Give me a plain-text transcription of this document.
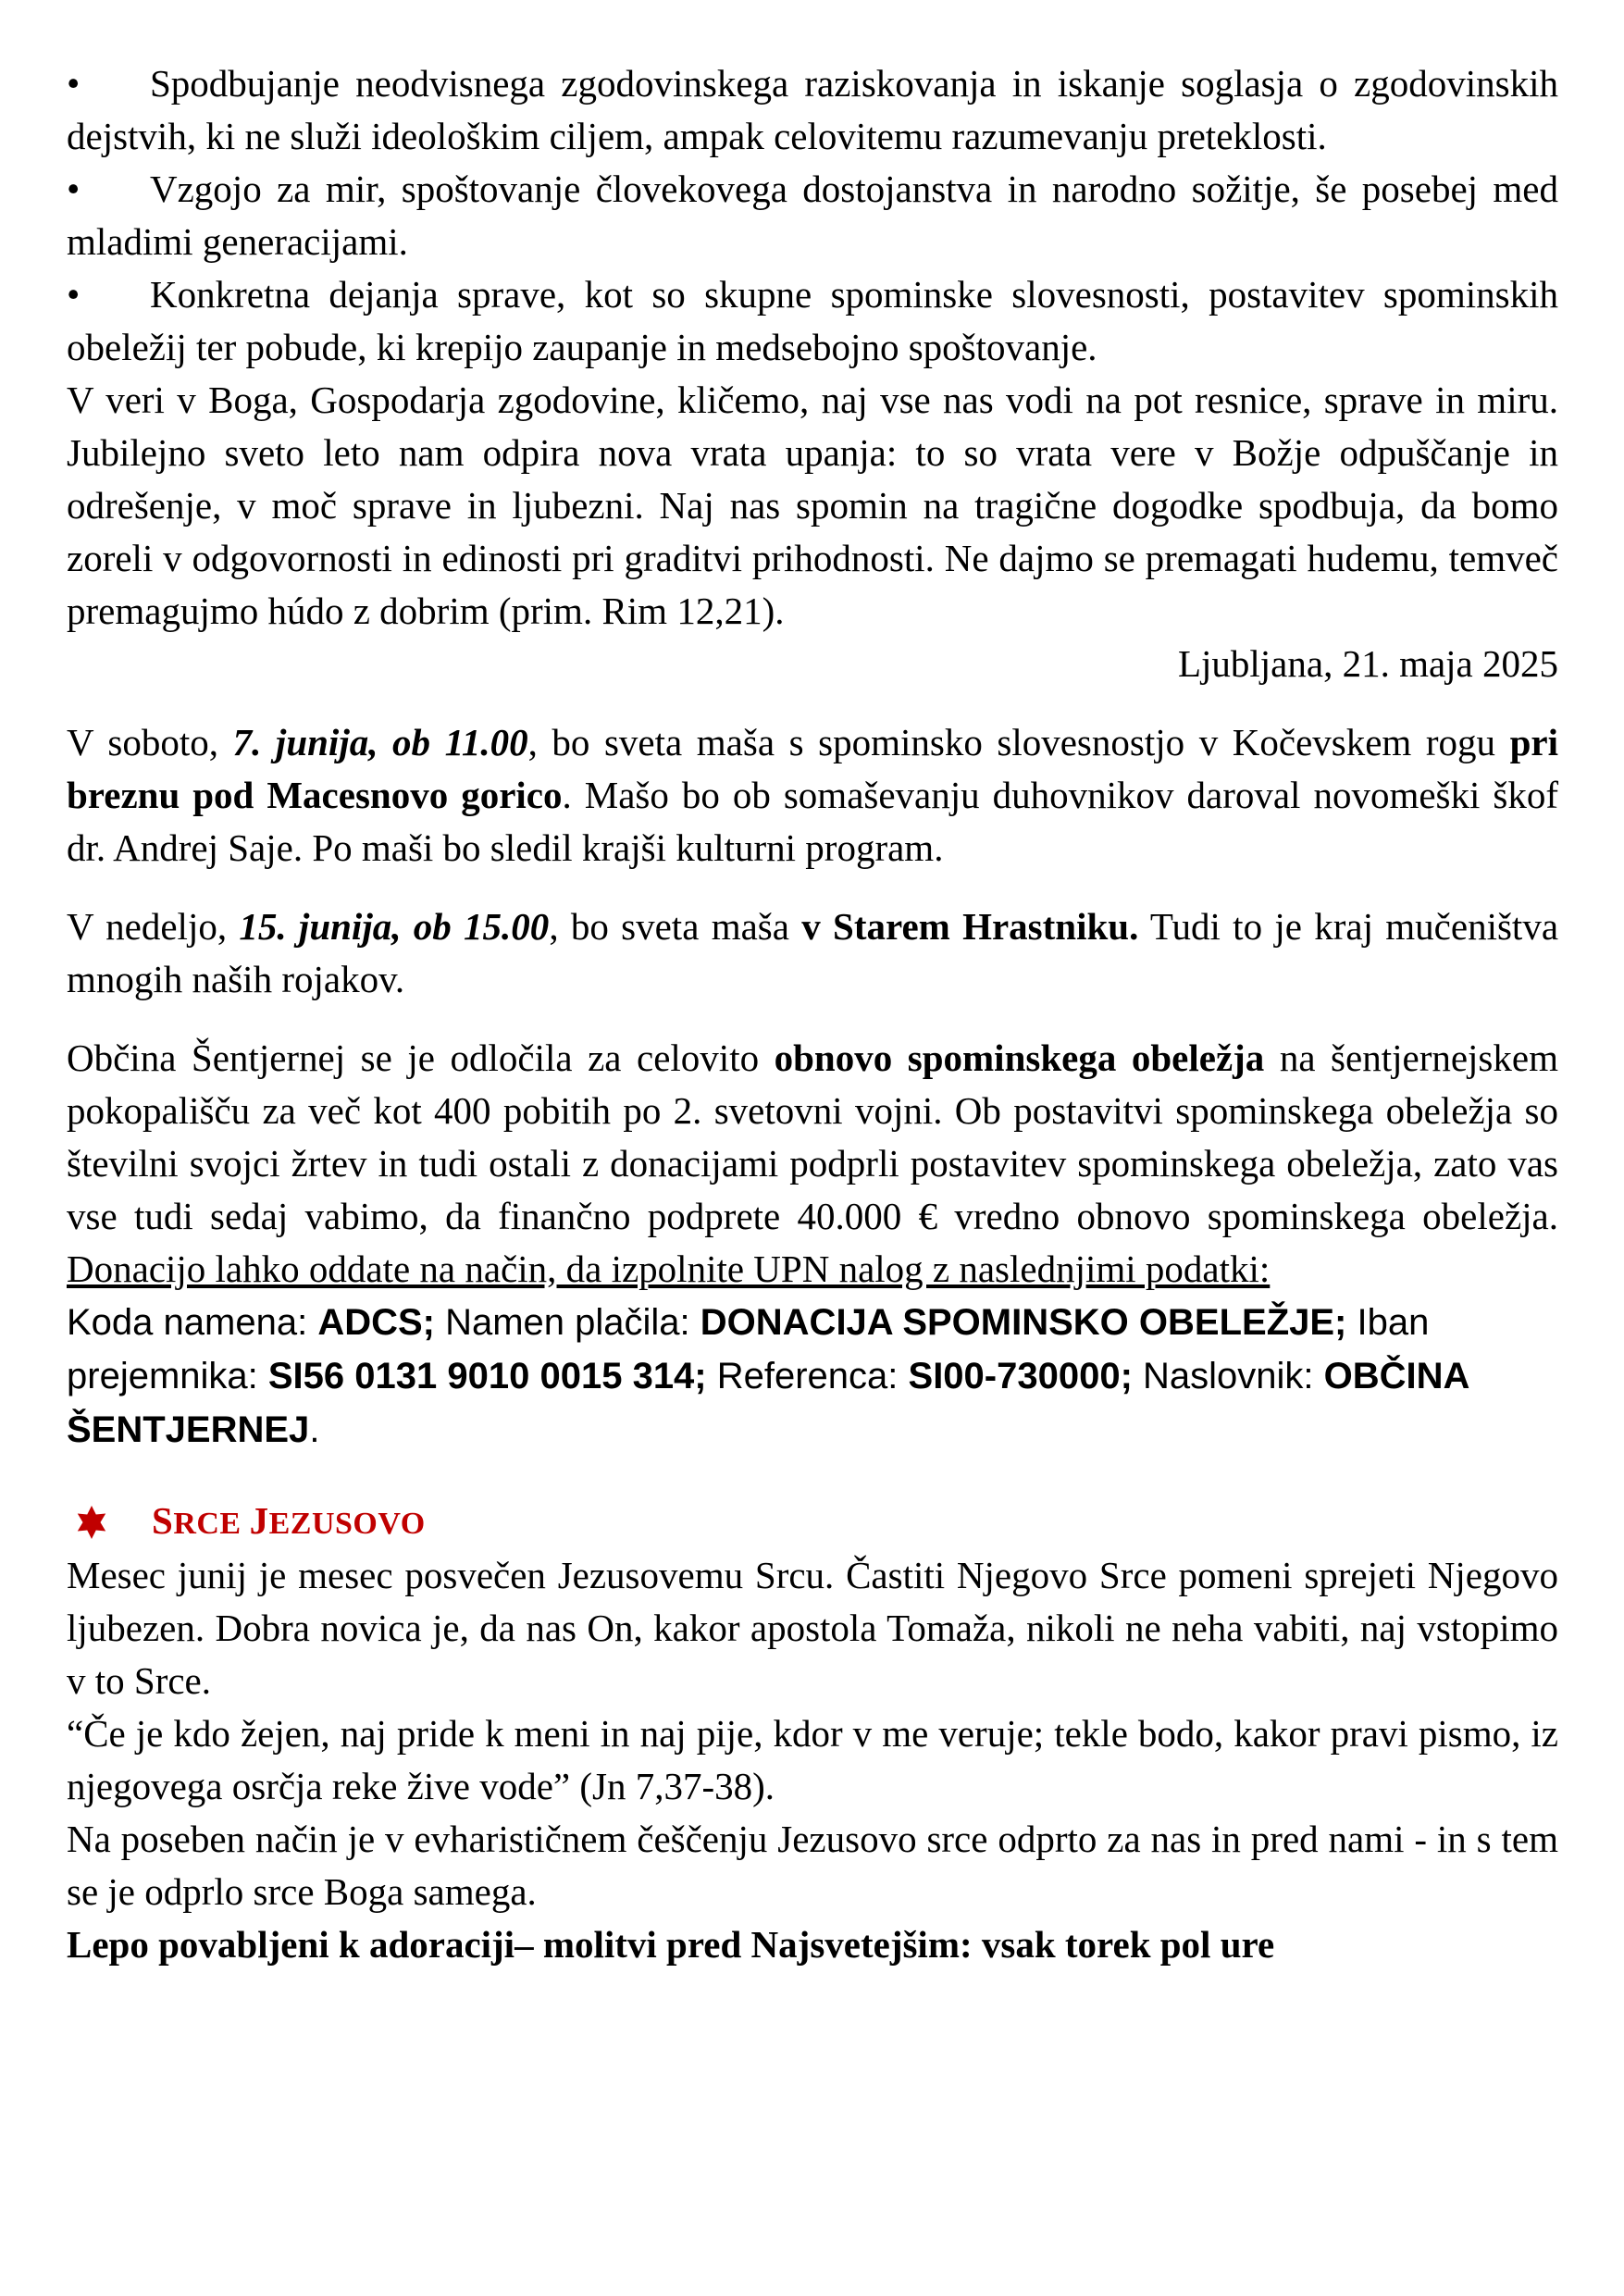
• Spodbujanje neodvisnega zgodovinskega raziskovanja in iskanje soglasja o zgodovinskih dejstvih, ki ne služi ideološkim ciljem, ampak celovitemu razumevanju preteklosti.

• Vzgojo za mir, spoštovanje človekovega dostojanstva in narodno sožitje, še posebej med mladimi generacijami.

• Konkretna dejanja sprave, kot so skupne spominske slovesnosti, postavitev spominskih obeležij ter pobude, ki krepijo zaupanje in medsebojno spoštovanje.

V veri v Boga, Gospodarja zgodovine, kličemo, naj vse nas vodi na pot resnice, sprave in miru. Jubilejno sveto leto nam odpira nova vrata upanja: to so vrata vere v Božje odpuščanje in odrešenje, v moč sprave in ljubezni. Naj nas spomin na tragične dogodke spodbuja, da bomo zoreli v odgovornosti in edinosti pri graditvi prihodnosti. Ne dajmo se premagati hudemu, temveč premagujmo húdo z dobrim (prim. Rim 12,21).

Ljubljana, 21. maja 2025

V soboto, 7. junija, ob 11.00, bo sveta maša s spominsko slovesnostjo v Kočevskem rogu pri breznu pod Macesnovo gorico. Mašo bo ob somaševanju duhovnikov daroval novomeški škof dr. Andrej Saje. Po maši bo sledil krajši kulturni program.

V nedeljo, 15. junija, ob 15.00, bo sveta maša v Starem Hrastniku. Tudi to je kraj mučeništva mnogih naših rojakov.

Občina Šentjernej se je odločila za celovito obnovo spominskega obeležja na šentjernejskem pokopališču za več kot 400 pobitih po 2. svetovni vojni. Ob postavitvi spominskega obeležja so številni svojci žrtev in tudi ostali z donacijami podprli postavitev spominskega obeležja, zato vas vse tudi sedaj vabimo, da finančno podprete 40.000 € vredno obnovo spominskega obeležja. Donacijo lahko oddate na način, da izpolnite UPN nalog z naslednjimi podatki:

Koda namena: ADCS; Namen plačila: DONACIJA SPOMINSKO OBELEŽJE; Iban prejemnika: SI56 0131 9010 0015 314; Referenca: SI00-730000; Naslovnik: OBČINA ŠENTJERNEJ.

SRCE JEZUSOVO

Mesec junij je mesec posvečen Jezusovemu Srcu. Častiti Njegovo Srce pomeni sprejeti Njegovo ljubezen. Dobra novica je, da nas On, kakor apostola Tomaža, nikoli ne neha vabiti, naj vstopimo v to Srce.

“Če je kdo žejen, naj pride k meni in naj pije, kdor v me veruje; tekle bodo, kakor pravi pismo, iz njegovega osrčja reke žive vode” (Jn 7,37-38).

Na poseben način je v evharističnem češčenju Jezusovo srce odprto za nas in pred nami - in s tem se je odprlo srce Boga samega.

Lepo povabljeni k adoraciji– molitvi pred Najsvetejšim: vsak torek pol ure
